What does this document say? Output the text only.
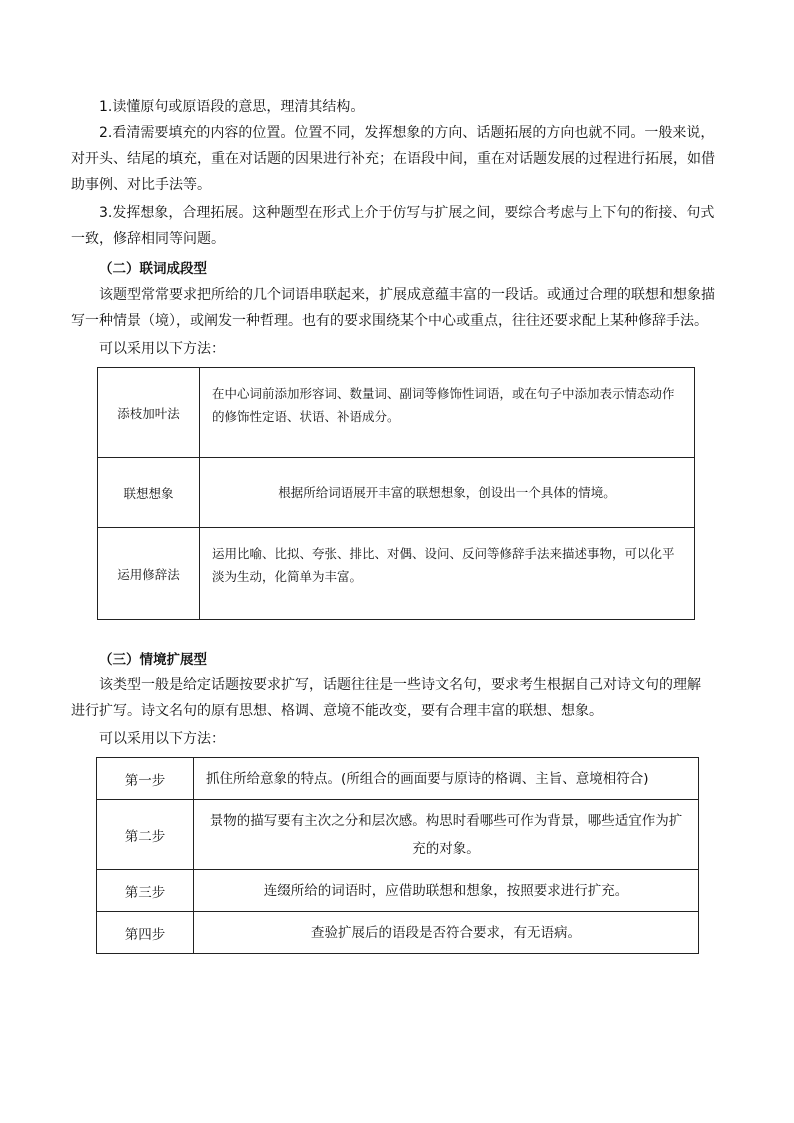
1.读懂原句或原语段的意思，理清其结构。

2.看清需要填充的内容的位置。位置不同，发挥想象的方向、话题拓展的方向也就不同。一般来说，
对开头、结尾的填充，重在对话题的因果进行补充；在语段中间，重在对话题发展的过程进行拓展，如借
助事例、对比手法等。

3.发挥想象，合理拓展。这种题型在形式上介于仿写与扩展之间，要综合考虑与上下句的衔接、句式
一致，修辞相同等问题。

（二）联词成段型

该题型常常要求把所给的几个词语串联起来，扩展成意蕴丰富的一段话。或通过合理的联想和想象描
写一种情景（境），或阐发一种哲理。也有的要求围绕某个中心或重点，往往还要求配上某种修辞手法。

可以采用以下方法：

添枝加叶法	在中心词前添加形容词、数量词、副词等修饰性词语，或在句子中添加表示情态动作的修饰性定语、状语、补语成分。
联想想象	根据所给词语展开丰富的联想想象，创设出一个具体的情境。
运用修辞法	运用比喻、比拟、夸张、排比、对偶、设问、反问等修辞手法来描述事物，可以化平淡为生动，化简单为丰富。

（三）情境扩展型

该类型一般是给定话题按要求扩写，话题往往是一些诗文名句，要求考生根据自己对诗文句的理解
进行扩写。诗文名句的原有思想、格调、意境不能改变，要有合理丰富的联想、想象。

可以采用以下方法：

第一步	抓住所给意象的特点。(所组合的画面要与原诗的格调、主旨、意境相符合)
第二步	景物的描写要有主次之分和层次感。构思时看哪些可作为背景，哪些适宜作为扩充的对象。
第三步	连缀所给的词语时，应借助联想和想象，按照要求进行扩充。
第四步	查验扩展后的语段是否符合要求，有无语病。
